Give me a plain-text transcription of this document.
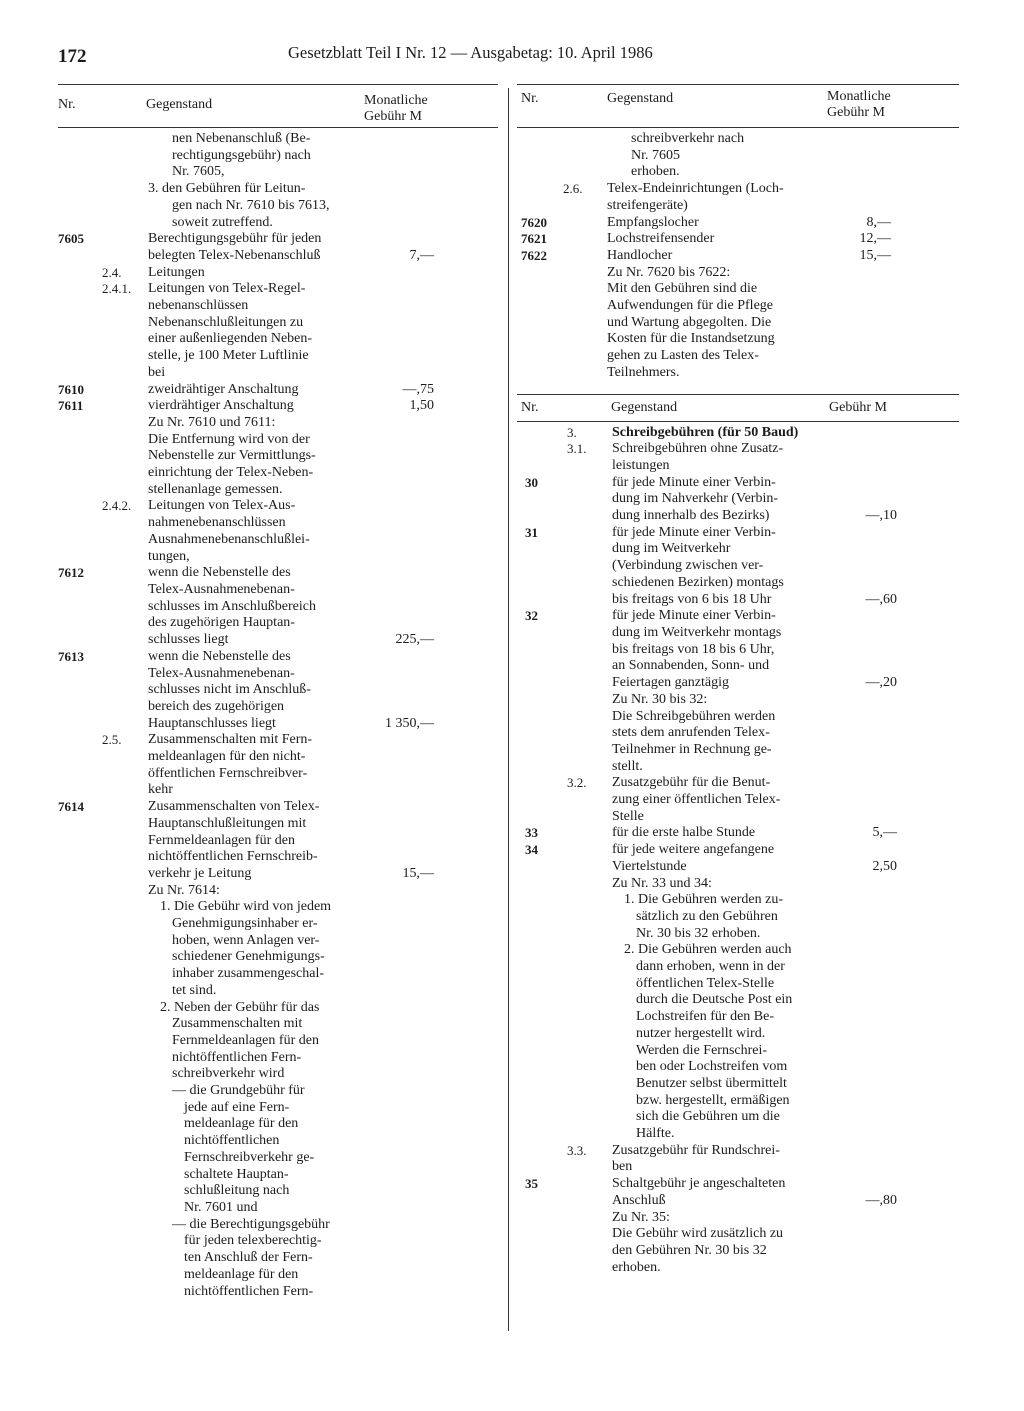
172	Gesetzblatt Teil I Nr. 12 — Ausgabetag: 10. April 1986
Nr.	Gegenstand	Monatliche
Gebühr M
nen Nebenanschluß (Be-
rechtigungsgebühr) nach
Nr. 7605,
3. den Gebühren für Leitun-
gen nach Nr. 7610 bis 7613,
soweit zutreffend.
7605	Berechtigungsgebühr für jeden
belegten Telex-Nebenanschluß	7,—
2.4. Leitungen
2.4.1. Leitungen von Telex-Regel-
nebenanschlüssen
Nebenanschlußleitungen zu
einer außenliegenden Neben-
stelle, je 100 Meter Luftlinie
bei
7610	zweidrähtiger Anschaltung	—,75
7611	vierdrähtiger Anschaltung	1,50
Zu Nr. 7610 und 7611:
Die Entfernung wird von der
Nebenstelle zur Vermittlungs-
einrichtung der Telex-Neben-
stellenanlage gemessen.
2.4.2. Leitungen von Telex-Aus-
nahmenebenanschlüssen
Ausnahmenebenanschlußlei-
tungen,
7612	wenn die Nebenstelle des
Telex-Ausnahmenebenan-
schlusses im Anschlußbereich
des zugehörigen Hauptan-
schlusses liegt	225,—
7613	wenn die Nebenstelle des
Telex-Ausnahmenebenan-
schlusses nicht im Anschluß-
bereich des zugehörigen
Hauptanschlusses liegt	1 350,—
2.5. Zusammenschalten mit Fern-
meldeanlagen für den nicht-
öffentlichen Fernschreibver-
kehr
7614	Zusammenschalten von Telex-
Hauptanschlußleitungen mit
Fernmeldeanlagen für den
nichtöffentlichen Fernschreib-
verkehr je Leitung	15,—
Zu Nr. 7614:
1. Die Gebühr wird von jedem
Genehmigungsinhaber er-
hoben, wenn Anlagen ver-
schiedener Genehmigungs-
inhaber zusammengeschal-
tet sind.
2. Neben der Gebühr für das
Zusammenschalten mit
Fernmeldeanlagen für den
nichtöffentlichen Fern-
schreibverkehr wird
— die Grundgebühr für
jede auf eine Fern-
meldeanlage für den
nichtöffentlichen
Fernschreibverkehr ge-
schaltete Hauptan-
schlußleitung nach
Nr. 7601 und
— die Berechtigungsgebühr
für jeden telexberechtig-
ten Anschluß der Fern-
meldeanlage für den
nichtöffentlichen Fern-
Nr.	Gegenstand	Monatliche
Gebühr M
schreibverkehr nach
Nr. 7605
erhoben.
2.6. Telex-Endeinrichtungen (Loch-
streifengeräte)
7620	Empfangslocher	8,—
7621	Lochstreifensender	12,—
7622	Handlocher	15,—
Zu Nr. 7620 bis 7622:
Mit den Gebühren sind die
Aufwendungen für die Pflege
und Wartung abgegolten. Die
Kosten für die Instandsetzung
gehen zu Lasten des Telex-
Teilnehmers.
Nr.	Gegenstand	Gebühr M
3.	Schreibgebühren (für 50 Baud)
3.1. Schreibgebühren ohne Zusatz-
leistungen
30	für jede Minute einer Verbin-
dung im Nahverkehr (Verbin-
dung innerhalb des Bezirks)	—,10
31	für jede Minute einer Verbin-
dung im Weitverkehr
(Verbindung zwischen ver-
schiedenen Bezirken) montags
bis freitags von 6 bis 18 Uhr	—,60
32	für jede Minute einer Verbin-
dung im Weitverkehr montags
bis freitags von 18 bis 6 Uhr,
an Sonnabenden, Sonn- und
Feiertagen ganztägig	—,20
Zu Nr. 30 bis 32:
Die Schreibgebühren werden
stets dem anrufenden Telex-
Teilnehmer in Rechnung ge-
stellt.
3.2. Zusatzgebühr für die Benut-
zung einer öffentlichen Telex-
Stelle
33	für die erste halbe Stunde	5,—
34	für jede weitere angefangene
Viertelstunde	2,50
Zu Nr. 33 und 34:
1. Die Gebühren werden zu-
sätzlich zu den Gebühren
Nr. 30 bis 32 erhoben.
2. Die Gebühren werden auch
dann erhoben, wenn in der
öffentlichen Telex-Stelle
durch die Deutsche Post ein
Lochstreifen für den Be-
nutzer hergestellt wird.
Werden die Fernschrei-
ben oder Lochstreifen vom
Benutzer selbst übermittelt
bzw. hergestellt, ermäßigen
sich die Gebühren um die
Hälfte.
3.3. Zusatzgebühr für Rundschrei-
ben
35	Schaltgebühr je angeschalteten
Anschluß	—,80
Zu Nr. 35:
Die Gebühr wird zusätzlich zu
den Gebühren Nr. 30 bis 32
erhoben.
